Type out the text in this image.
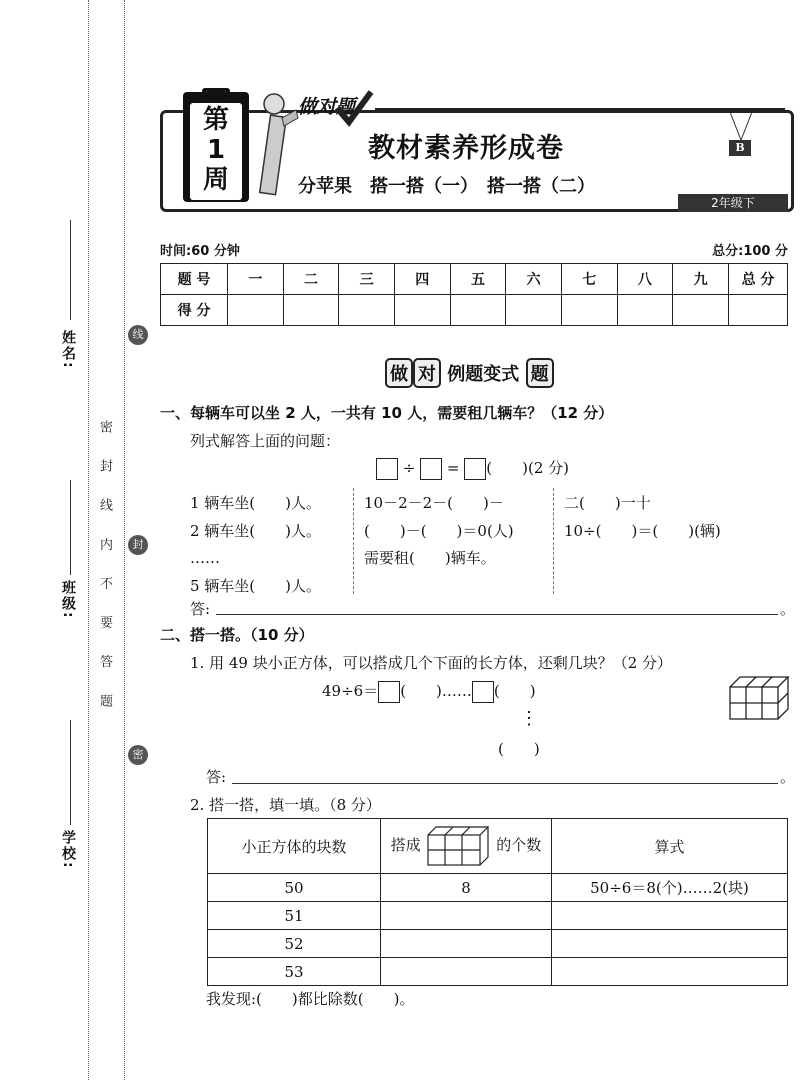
姓名:
班级:
学校:
密 封 线 内 不 要 答 题
线
封
密
第
1
周
做对题
教材素养形成卷
分苹果　搭一搭（一）　搭一搭（二）
B
2年级下
时间:60 分钟	总分:100 分
题 号	一	二	三	四	五	六	七	八	九	总 分
得 分										
做 对 例题变式 题
一、每辆车可以坐 2 人，一共有 10 人，需要租几辆车？（12 分）
列式解答上面的问题：
÷ = (　　)(2 分)
1 辆车坐(　　)人。
2 辆车坐(　　)人。
……
5 辆车坐(　　)人。
10－2－2－(　　)－
(　　)－(　　)＝0(人)
需要租(　　)辆车。
二(　　)一十
10÷(　　)＝(　　)(辆)
答:	。
二、搭一搭。（10 分）
1. 用 49 块小正方体，可以搭成几个下面的长方体，还剩几块？（2 分）
49÷6＝ (　　)…… (　　)
⋮
(　　)
答:	。
2. 搭一搭，填一填。（8 分）
小正方体的块数	搭成 的个数	算式
50	8	50÷6＝8(个)……2(块)
51		
52		
53		
我发现:(　　)都比除数(　　)。
